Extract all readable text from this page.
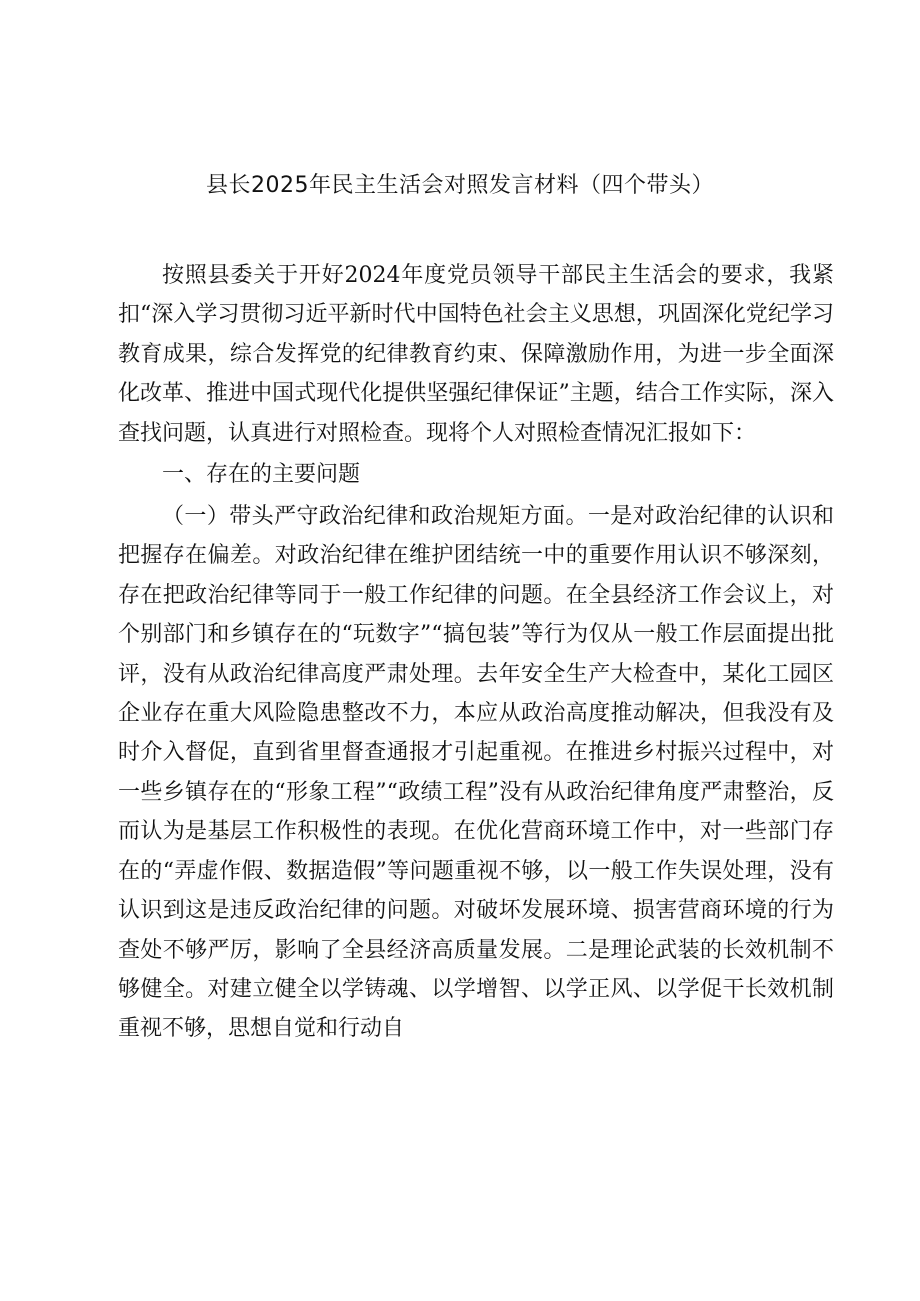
县长2025年民主生活会对照发言材料（四个带头）

按照县委关于开好2024年度党员领导干部民主生活会的要求，我紧扣“深入学习贯彻习近平新时代中国特色社会主义思想，巩固深化党纪学习教育成果，综合发挥党的纪律教育约束、保障激励作用，为进一步全面深化改革、推进中国式现代化提供坚强纪律保证”主题，结合工作实际，深入查找问题，认真进行对照检查。现将个人对照检查情况汇报如下：

一、存在的主要问题

（一）带头严守政治纪律和政治规矩方面。一是对政治纪律的认识和把握存在偏差。对政治纪律在维护团结统一中的重要作用认识不够深刻，存在把政治纪律等同于一般工作纪律的问题。在全县经济工作会议上，对个别部门和乡镇存在的“玩数字”“搞包装”等行为仅从一般工作层面提出批评，没有从政治纪律高度严肃处理。去年安全生产大检查中，某化工园区企业存在重大风险隐患整改不力，本应从政治高度推动解决，但我没有及时介入督促，直到省里督查通报才引起重视。在推进乡村振兴过程中，对一些乡镇存在的“形象工程”“政绩工程”没有从政治纪律角度严肃整治，反而认为是基层工作积极性的表现。在优化营商环境工作中，对一些部门存在的“弄虚作假、数据造假”等问题重视不够，以一般工作失误处理，没有认识到这是违反政治纪律的问题。对破坏发展环境、损害营商环境的行为查处不够严厉，影响了全县经济高质量发展。二是理论武装的长效机制不够健全。对建立健全以学铸魂、以学增智、以学正风、以学促干长效机制重视不够，思想自觉和行动自
